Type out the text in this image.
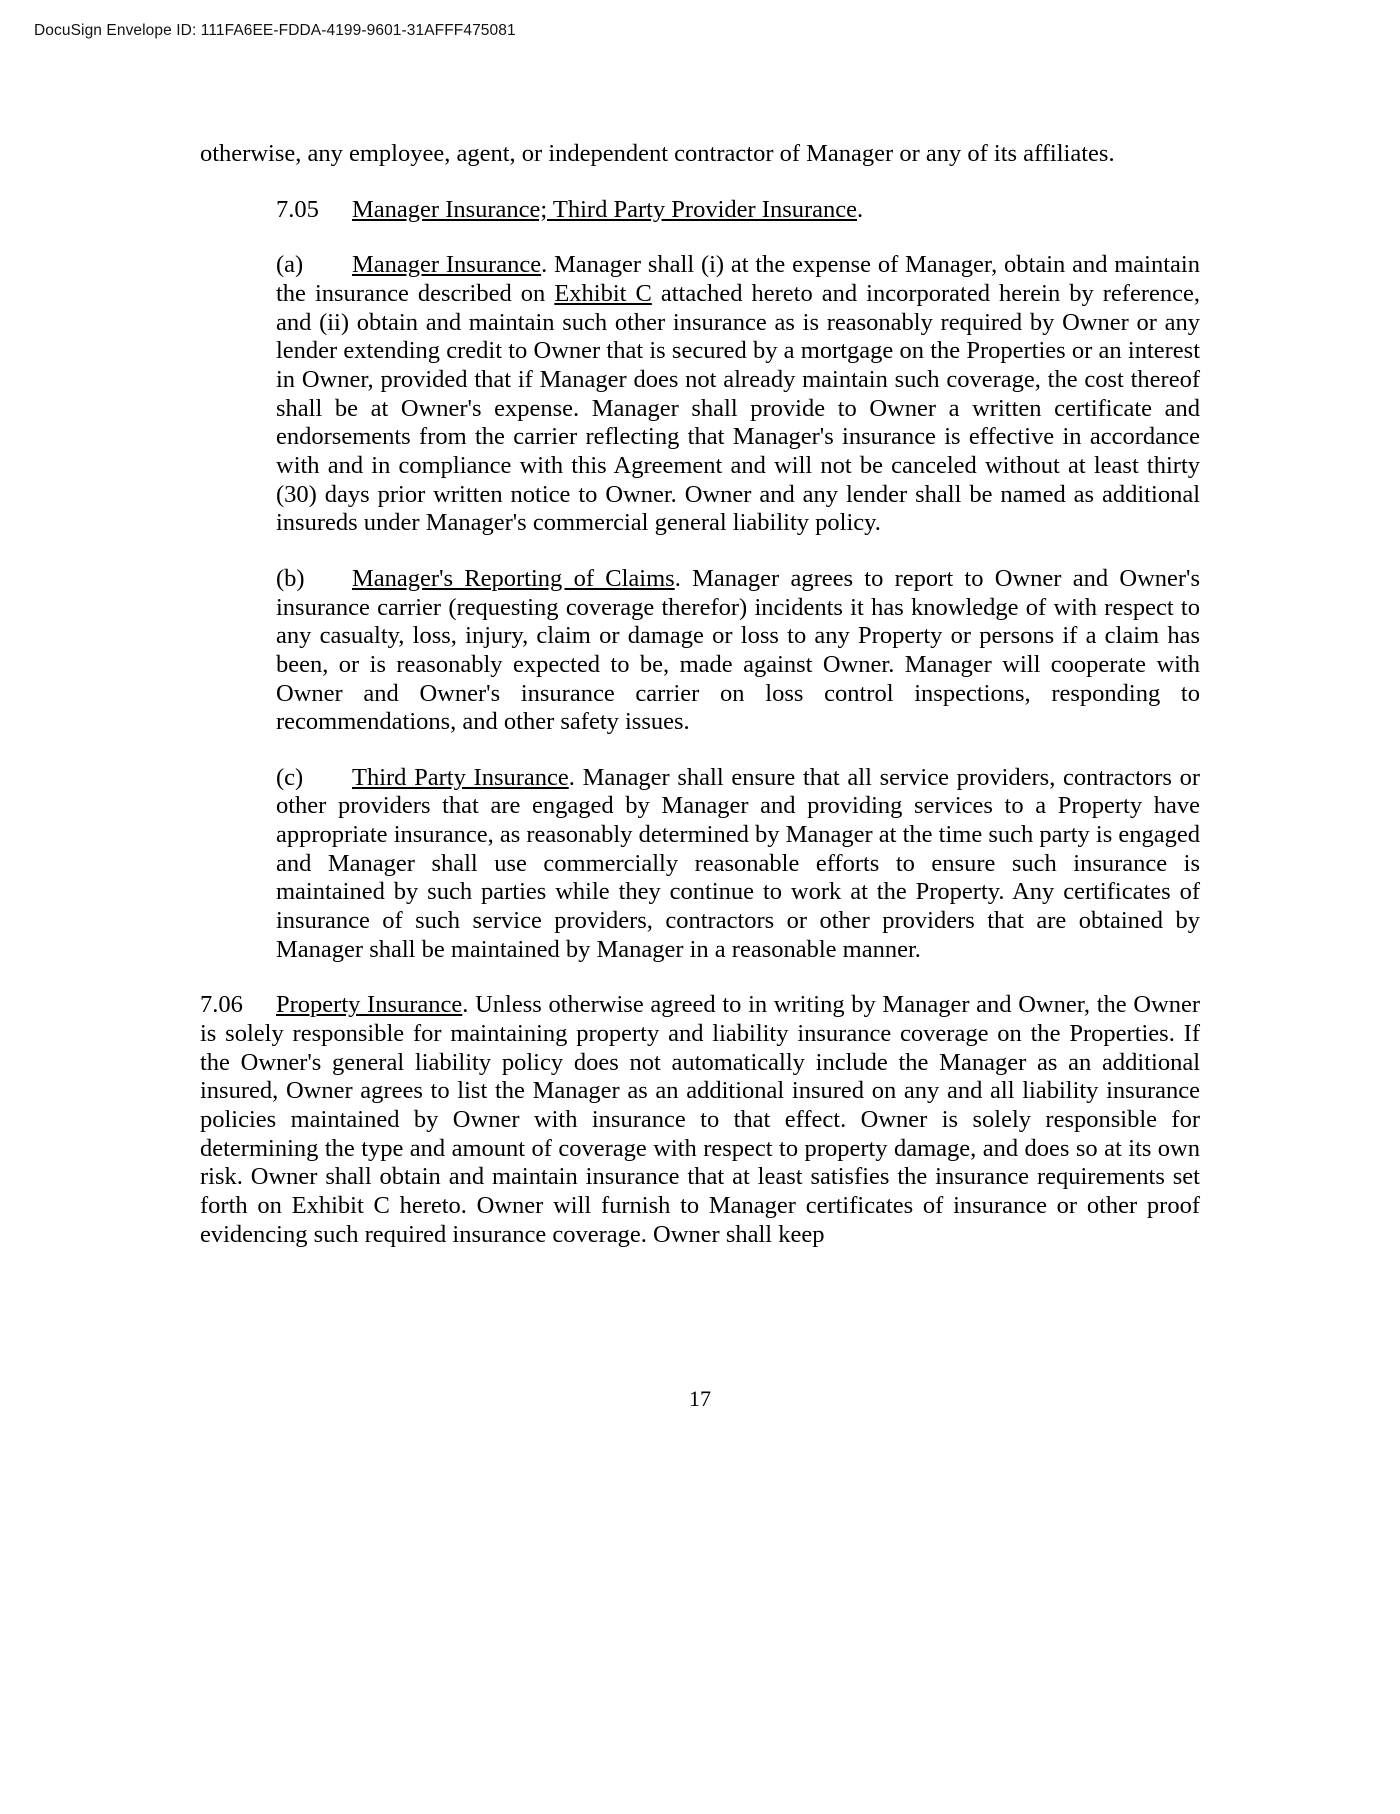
DocuSign Envelope ID: 111FA6EE-FDDA-4199-9601-31AFFF475081

otherwise, any employee, agent, or independent contractor of Manager or any of its affiliates.

7.05 Manager Insurance; Third Party Provider Insurance.

(a) Manager Insurance. Manager shall (i) at the expense of Manager, obtain and maintain the insurance described on Exhibit C attached hereto and incorporated herein by reference, and (ii) obtain and maintain such other insurance as is reasonably required by Owner or any lender extending credit to Owner that is secured by a mortgage on the Properties or an interest in Owner, provided that if Manager does not already maintain such coverage, the cost thereof shall be at Owner's expense. Manager shall provide to Owner a written certificate and endorsements from the carrier reflecting that Manager's insurance is effective in accordance with and in compliance with this Agreement and will not be canceled without at least thirty (30) days prior written notice to Owner. Owner and any lender shall be named as additional insureds under Manager's commercial general liability policy.

(b) Manager's Reporting of Claims. Manager agrees to report to Owner and Owner's insurance carrier (requesting coverage therefor) incidents it has knowledge of with respect to any casualty, loss, injury, claim or damage or loss to any Property or persons if a claim has been, or is reasonably expected to be, made against Owner. Manager will cooperate with Owner and Owner's insurance carrier on loss control inspections, responding to recommendations, and other safety issues.

(c) Third Party Insurance. Manager shall ensure that all service providers, contractors or other providers that are engaged by Manager and providing services to a Property have appropriate insurance, as reasonably determined by Manager at the time such party is engaged and Manager shall use commercially reasonable efforts to ensure such insurance is maintained by such parties while they continue to work at the Property. Any certificates of insurance of such service providers, contractors or other providers that are obtained by Manager shall be maintained by Manager in a reasonable manner.

7.06 Property Insurance. Unless otherwise agreed to in writing by Manager and Owner, the Owner is solely responsible for maintaining property and liability insurance coverage on the Properties. If the Owner's general liability policy does not automatically include the Manager as an additional insured, Owner agrees to list the Manager as an additional insured on any and all liability insurance policies maintained by Owner with insurance to that effect. Owner is solely responsible for determining the type and amount of coverage with respect to property damage, and does so at its own risk. Owner shall obtain and maintain insurance that at least satisfies the insurance requirements set forth on Exhibit C hereto. Owner will furnish to Manager certificates of insurance or other proof evidencing such required insurance coverage. Owner shall keep

17
